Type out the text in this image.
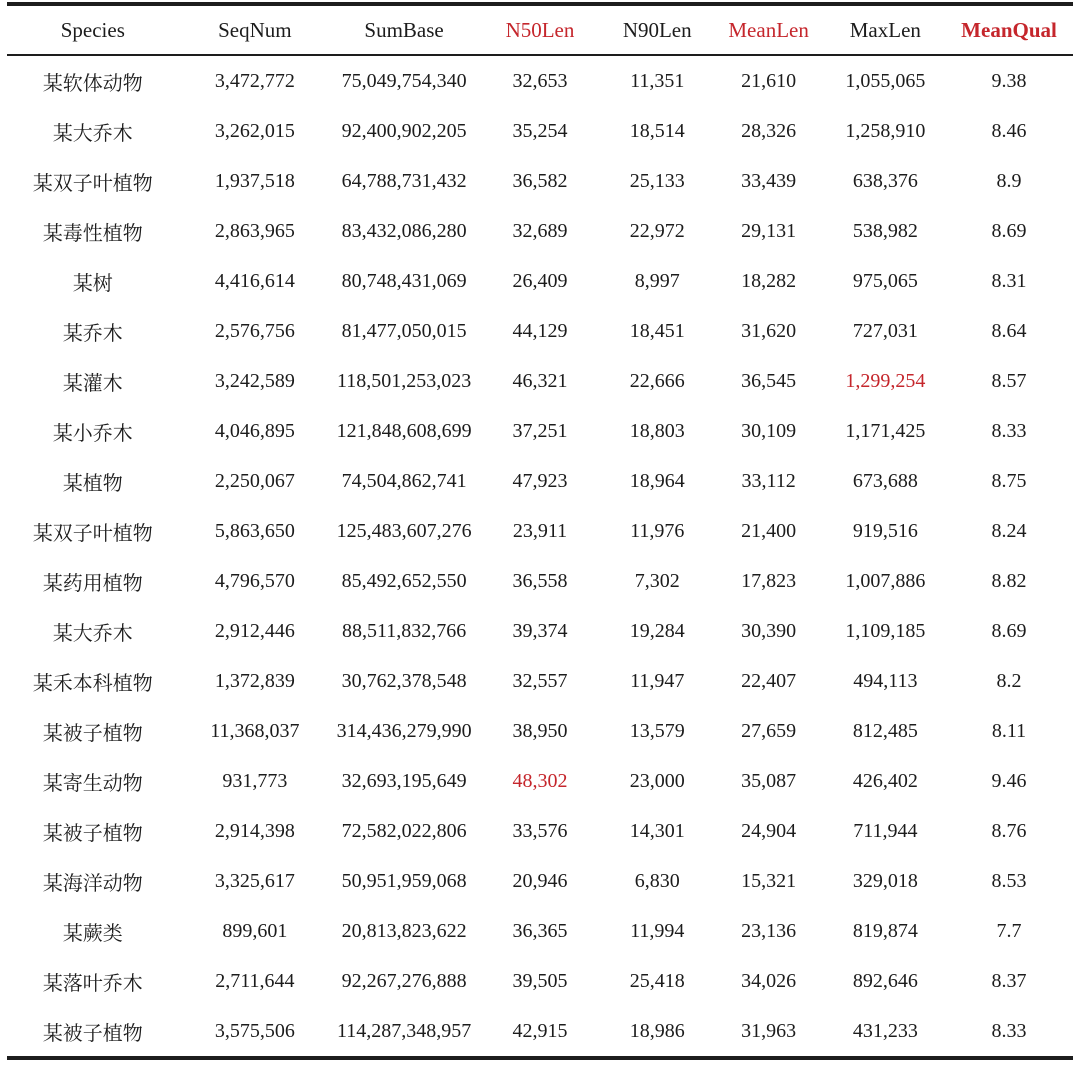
Species	SeqNum	SumBase	N50Len	N90Len	MeanLen	MaxLen	MeanQual
某软体动物	3,472,772	75,049,754,340	32,653	11,351	21,610	1,055,065	9.38
某大乔木	3,262,015	92,400,902,205	35,254	18,514	28,326	1,258,910	8.46
某双子叶植物	1,937,518	64,788,731,432	36,582	25,133	33,439	638,376	8.9
某毒性植物	2,863,965	83,432,086,280	32,689	22,972	29,131	538,982	8.69
某树	4,416,614	80,748,431,069	26,409	8,997	18,282	975,065	8.31
某乔木	2,576,756	81,477,050,015	44,129	18,451	31,620	727,031	8.64
某灌木	3,242,589	118,501,253,023	46,321	22,666	36,545	1,299,254	8.57
某小乔木	4,046,895	121,848,608,699	37,251	18,803	30,109	1,171,425	8.33
某植物	2,250,067	74,504,862,741	47,923	18,964	33,112	673,688	8.75
某双子叶植物	5,863,650	125,483,607,276	23,911	11,976	21,400	919,516	8.24
某药用植物	4,796,570	85,492,652,550	36,558	7,302	17,823	1,007,886	8.82
某大乔木	2,912,446	88,511,832,766	39,374	19,284	30,390	1,109,185	8.69
某禾本科植物	1,372,839	30,762,378,548	32,557	11,947	22,407	494,113	8.2
某被子植物	11,368,037	314,436,279,990	38,950	13,579	27,659	812,485	8.11
某寄生动物	931,773	32,693,195,649	48,302	23,000	35,087	426,402	9.46
某被子植物	2,914,398	72,582,022,806	33,576	14,301	24,904	711,944	8.76
某海洋动物	3,325,617	50,951,959,068	20,946	6,830	15,321	329,018	8.53
某蕨类	899,601	20,813,823,622	36,365	11,994	23,136	819,874	7.7
某落叶乔木	2,711,644	92,267,276,888	39,505	25,418	34,026	892,646	8.37
某被子植物	3,575,506	114,287,348,957	42,915	18,986	31,963	431,233	8.33
